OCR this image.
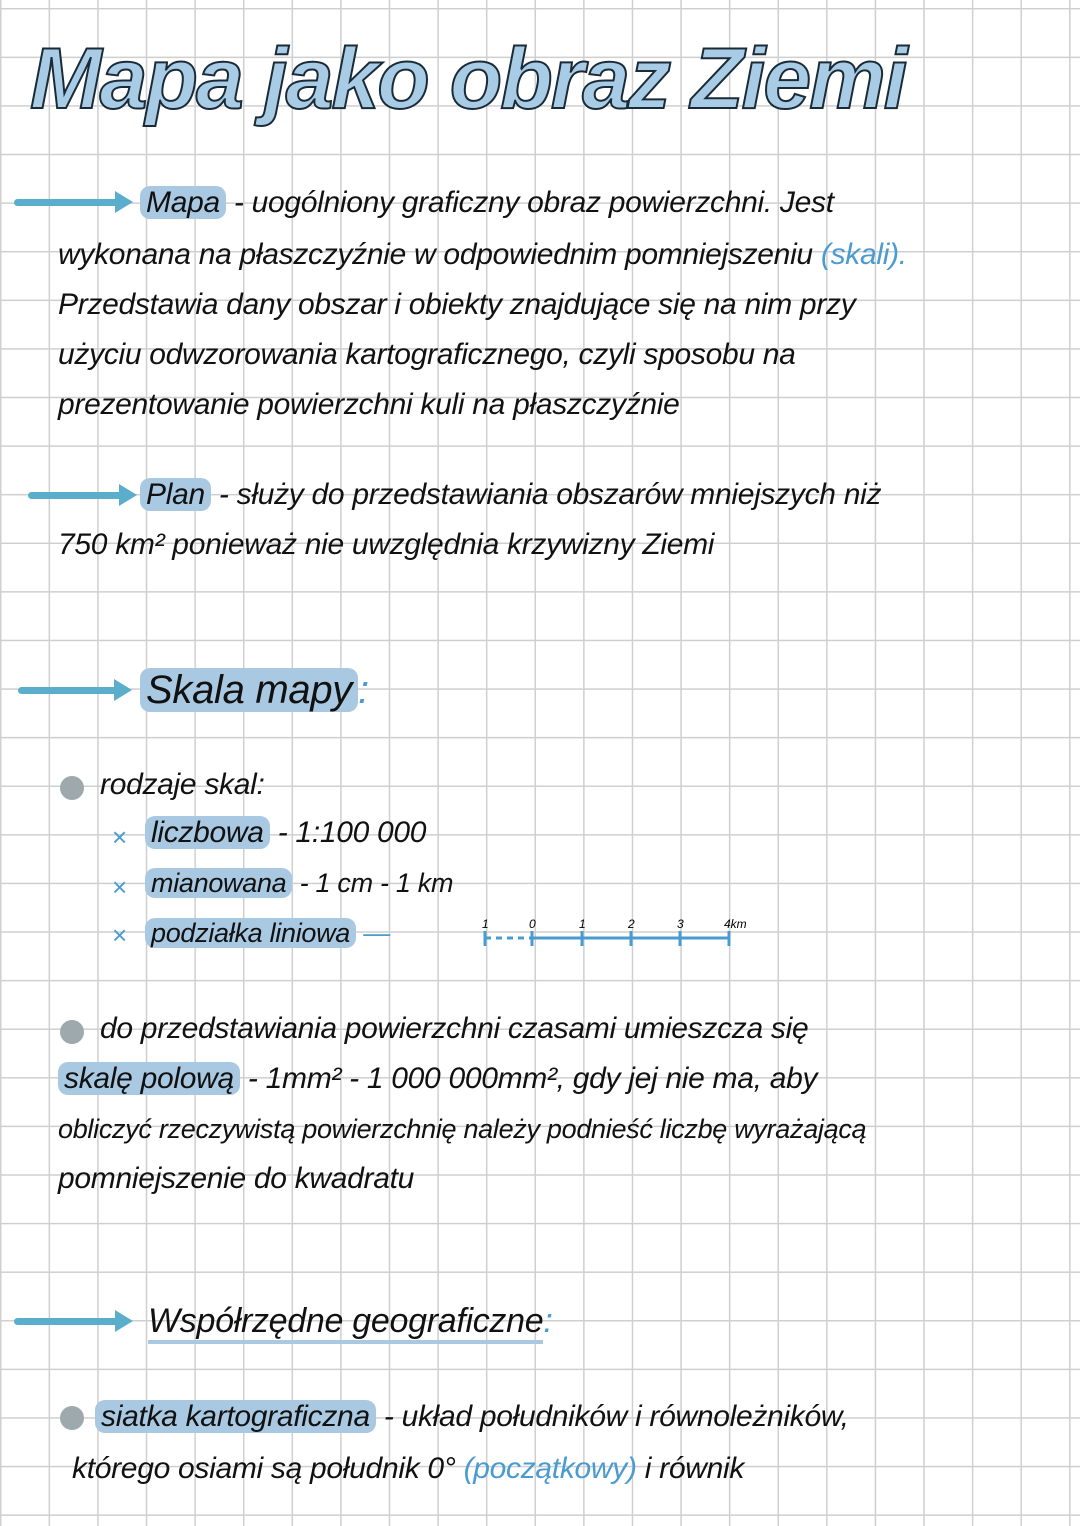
Mapa jako obraz Ziemi
Mapa - uogólniony graficzny obraz powierzchni. Jest
wykonana na płaszczyźnie w odpowiednim pomniejszeniu (skali).
Przedstawia dany obszar i obiekty znajdujące się na nim przy
użyciu odwzorowania kartograficznego, czyli sposobu na
prezentowanie powierzchni kuli na płaszczyźnie
Plan - służy do przedstawiania obszarów mniejszych niż
750 km² ponieważ nie uwzględnia krzywizny Ziemi
Skala mapy :
rodzaje skal:
× liczbowa - 1:100 000
× mianowana - 1 cm - 1 km
× podziałka liniowa —	1	0	1	2	3	4km
do przedstawiania powierzchni czasami umieszcza się
skalę polową - 1mm² - 1 000 000mm², gdy jej nie ma, aby
obliczyć rzeczywistą powierzchnię należy podnieść liczbę wyrażającą
pomniejszenie do kwadratu
Współrzędne geograficzne:
siatka kartograficzna - układ południków i równoleżników,
którego osiami są południk 0° (początkowy) i równik
